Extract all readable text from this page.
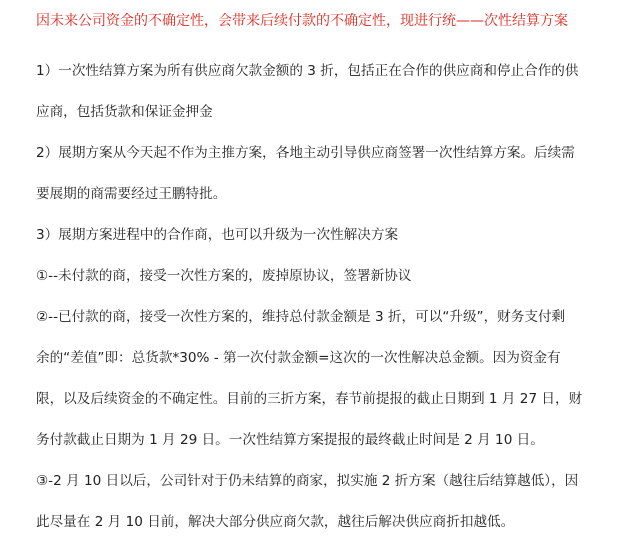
因未来公司资金的不确定性，会带来后续付款的不确定性，现进行统——次性结算方案

1）一次性结算方案为所有供应商欠款金额的 3 折，包括正在合作的供应商和停止合作的供
应商，包括货款和保证金押金

2）展期方案从今天起不作为主推方案，各地主动引导供应商签署一次性结算方案。后续需
要展期的商需要经过王鹏特批。

3）展期方案进程中的合作商，也可以升级为一次性解决方案

①--未付款的商，接受一次性方案的，废掉原协议，签署新协议

②--已付款的商，接受一次性方案的，维持总付款金额是 3 折，可以“升级”，财务支付剩
余的“差值”即：总货款*30% - 第一次付款金额=这次的一次性解决总金额。因为资金有
限，以及后续资金的不确定性。目前的三折方案，春节前提报的截止日期到 1 月 27 日，财
务付款截止日期为 1 月 29 日。一次性结算方案提报的最终截止时间是 2 月 10 日。

③-2 月 10 日以后，公司针对于仍未结算的商家，拟实施 2 折方案（越往后结算越低），因
此尽量在 2 月 10 日前，解决大部分供应商欠款，越往后解决供应商折扣越低。
